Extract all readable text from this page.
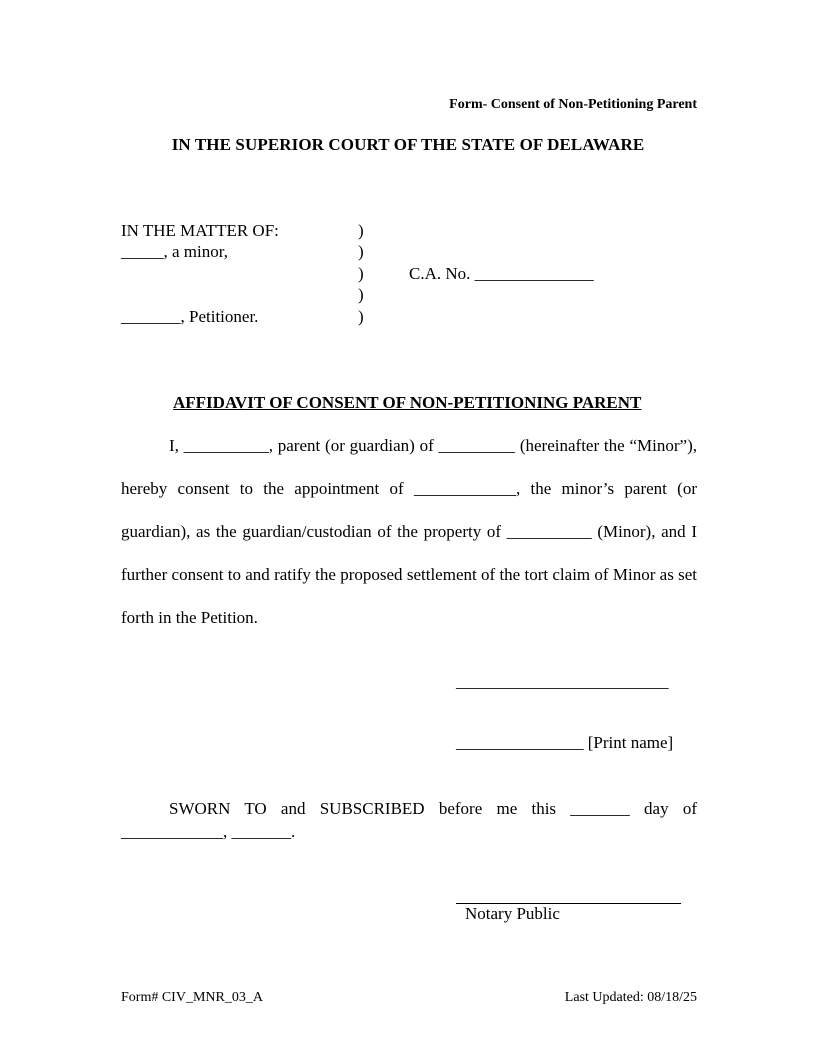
Form- Consent of Non-Petitioning Parent
IN THE SUPERIOR COURT OF THE STATE OF DELAWARE
IN THE MATTER OF:
_____, a minor,
_______, Petitioner.
)
)
)
)
)
C.A. No. ______________
AFFIDAVIT OF CONSENT OF NON-PETITIONING PARENT
I, __________, parent (or guardian) of _________ (hereinafter the “Minor”), hereby consent to the appointment of ____________, the minor’s parent (or guardian), as the guardian/custodian of the property of __________ (Minor), and I further consent to and ratify the proposed settlement of the tort claim of Minor as set forth in the Petition.
_________________________
_______________ [Print name]
SWORN TO and SUBSCRIBED before me this _______ day of ____________, _______.
Notary Public
Form# CIV_MNR_03_A	Last Updated: 08/18/25
